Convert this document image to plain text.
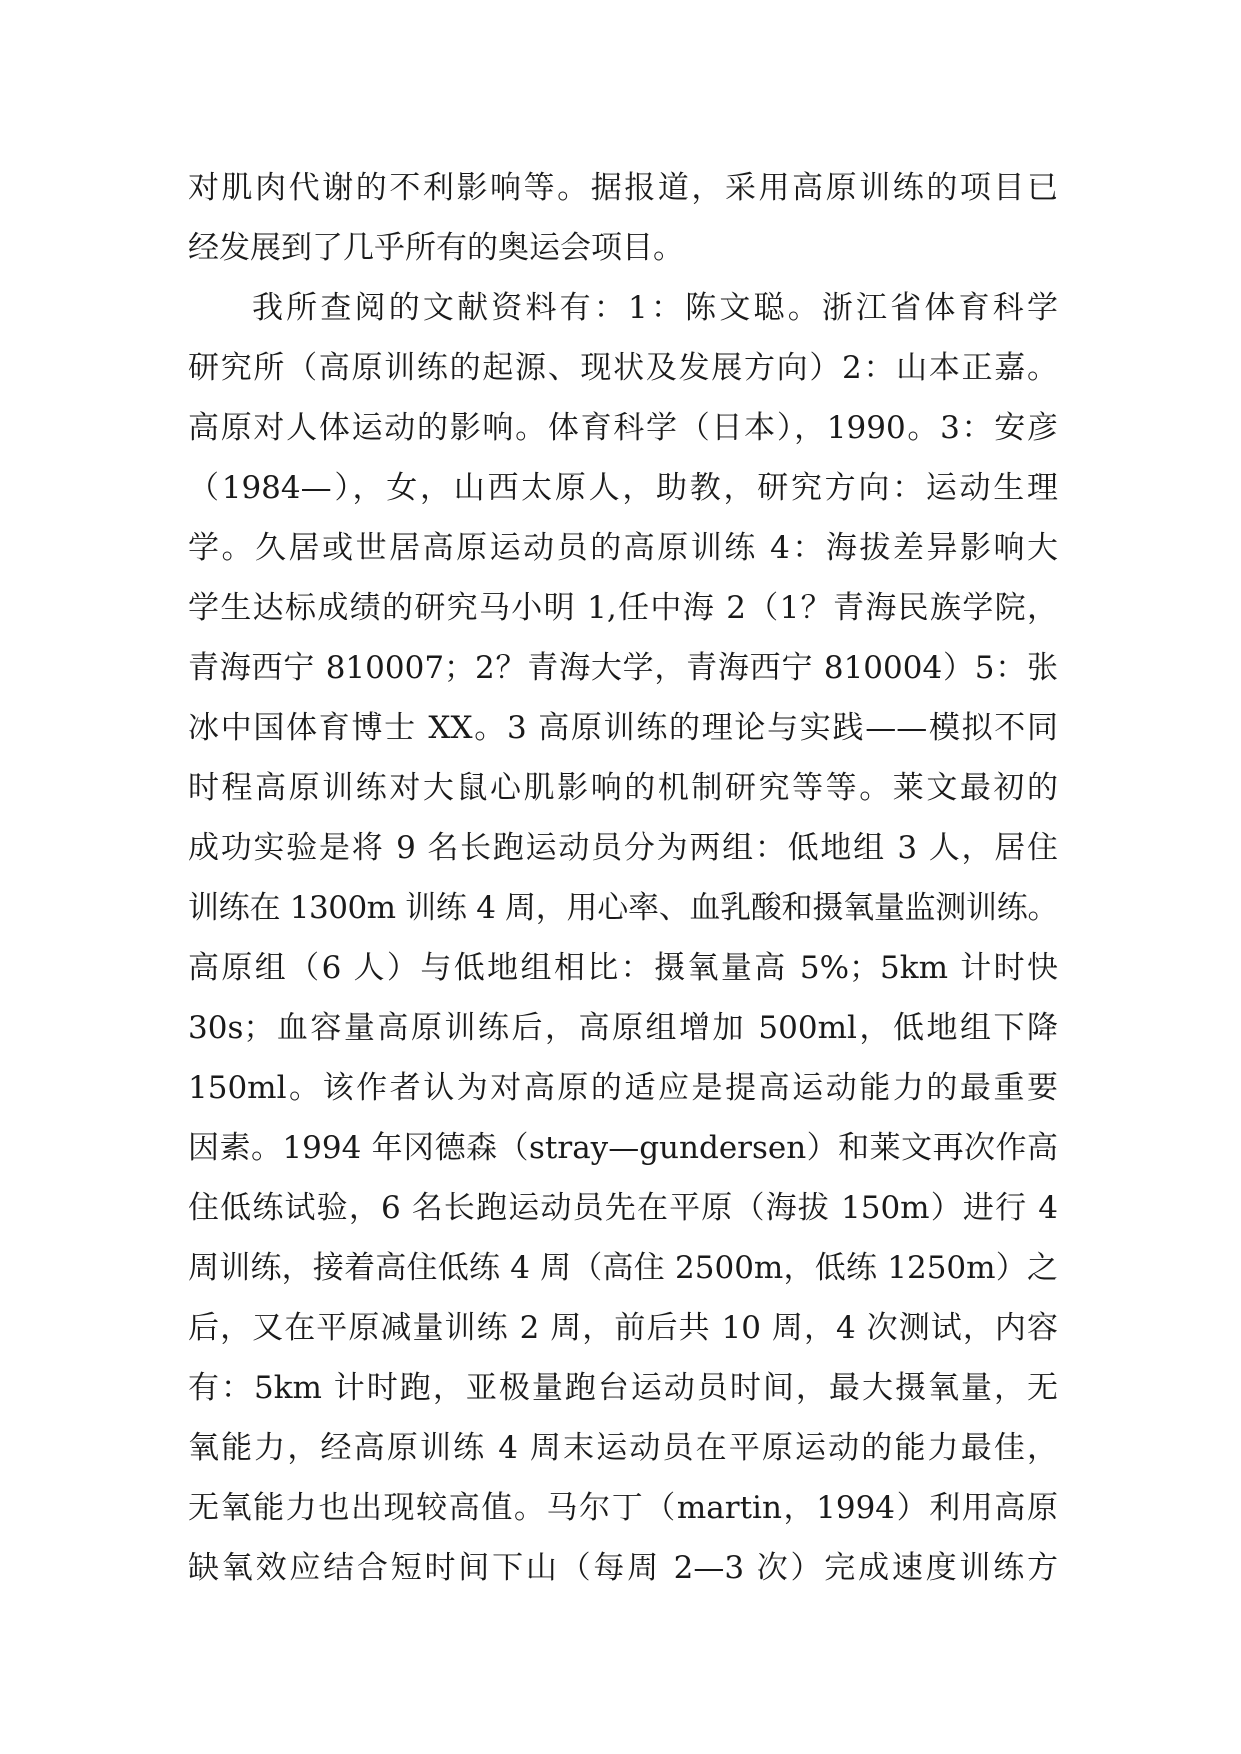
对肌肉代谢的不利影响等。据报道，采用高原训练的项目已
经发展到了几乎所有的奥运会项目。
我所查阅的文献资料有：1：陈文聪。浙江省体育科学
研究所（高原训练的起源、现状及发展方向）2：山本正嘉。
高原对人体运动的影响。体育科学（日本），1990。3：安彦
（1984—），女，山西太原人，助教，研究方向：运动生理
学。久居或世居高原运动员的高原训练 4：海拔差异影响大
学生达标成绩的研究马小明 1,任中海 2（1？青海民族学院，
青海西宁 810007；2？青海大学，青海西宁 810004）5：张
冰中国体育博士 XX。3 高原训练的理论与实践——模拟不同
时程高原训练对大鼠心肌影响的机制研究等等。莱文最初的
成功实验是将 9 名长跑运动员分为两组：低地组 3 人，居住
训练在 1300m 训练 4 周，用心率、血乳酸和摄氧量监测训练。
高原组（6 人）与低地组相比：摄氧量高 5%；5km 计时快
30s；血容量高原训练后，高原组增加 500ml，低地组下降
150ml。该作者认为对高原的适应是提高运动能力的最重要
因素。1994 年冈德森（stray—gundersen）和莱文再次作高
住低练试验，6 名长跑运动员先在平原（海拔 150m）进行 4
周训练，接着高住低练 4 周（高住 2500m，低练 1250m）之
后，又在平原减量训练 2 周，前后共 10 周，4 次测试，内容
有：5km 计时跑，亚极量跑台运动员时间，最大摄氧量，无
氧能力，经高原训练 4 周末运动员在平原运动的能力最佳，
无氧能力也出现较高值。马尔丁（martin，1994）利用高原
缺氧效应结合短时间下山（每周 2—3 次）完成速度训练方
